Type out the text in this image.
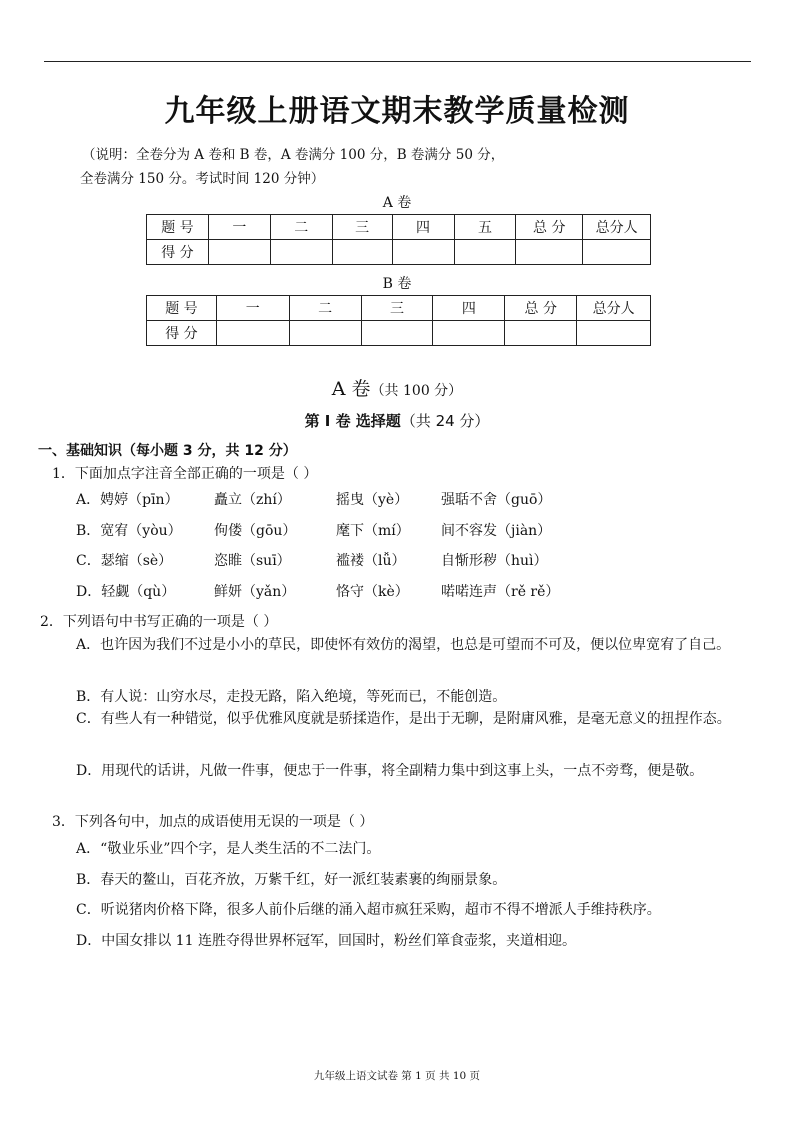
九年级上册语文期末教学质量检测
（说明：全卷分为 A 卷和 B 卷，A 卷满分 100 分，B 卷满分 50 分，
全卷满分 150 分。考试时间 120 分钟）
A 卷
题 号	一	二	三	四	五	总 分	总分人
得 分							
B 卷
题 号	一	二	三	四	总 分	总分人
得 分						
A 卷（共 100 分）
第 I 卷 选择题（共 24 分）
一、基础知识（每小题 3 分，共 12 分）
1．下面加点字注音全部正确的一项是（ ）
A．娉婷（pīn）	矗立（zhí）	摇曳（yè） 强聒不舍（guō）
B．宽宥（yòu） 佝偻（gōu）	麾下（mí） 间不容发（jiàn）
C．瑟缩（sè）	恣睢（suī）	褴褛（lǚ）	自惭形秽（huì）
D．轻觑（qù）	鲜妍（yǎn）	恪守（kè） 喏喏连声（rě rě）
2．下列语句中书写正确的一项是（ ）
A．也许因为我们不过是小小的草民，即使怀有效仿的渴望，也总是可望而不可及，便以位卑宽宥了自己。
B．有人说：山穷水尽，走投无路，陷入绝境，等死而已，不能创造。
C．有些人有一种错觉，似乎优雅风度就是骄揉造作，是出于无聊，是附庸风雅，是毫无意义的扭捏作态。
D．用现代的话讲，凡做一件事，便忠于一件事，将全副精力集中到这事上头，一点不旁骛，便是敬。
3．下列各句中，加点的成语使用无误的一项是（ ）
A．“敬业乐业”四个字，是人类生活的不二法门。
B．春天的鳌山，百花齐放，万紫千红，好一派红装素裹的绚丽景象。
C．听说猪肉价格下降，很多人前仆后继的涌入超市疯狂采购，超市不得不增派人手维持秩序。
D．中国女排以 11 连胜夺得世界杯冠军，回国时，粉丝们箪食壶浆，夹道相迎。
九年级上语文试卷 第 1 页 共 10 页
